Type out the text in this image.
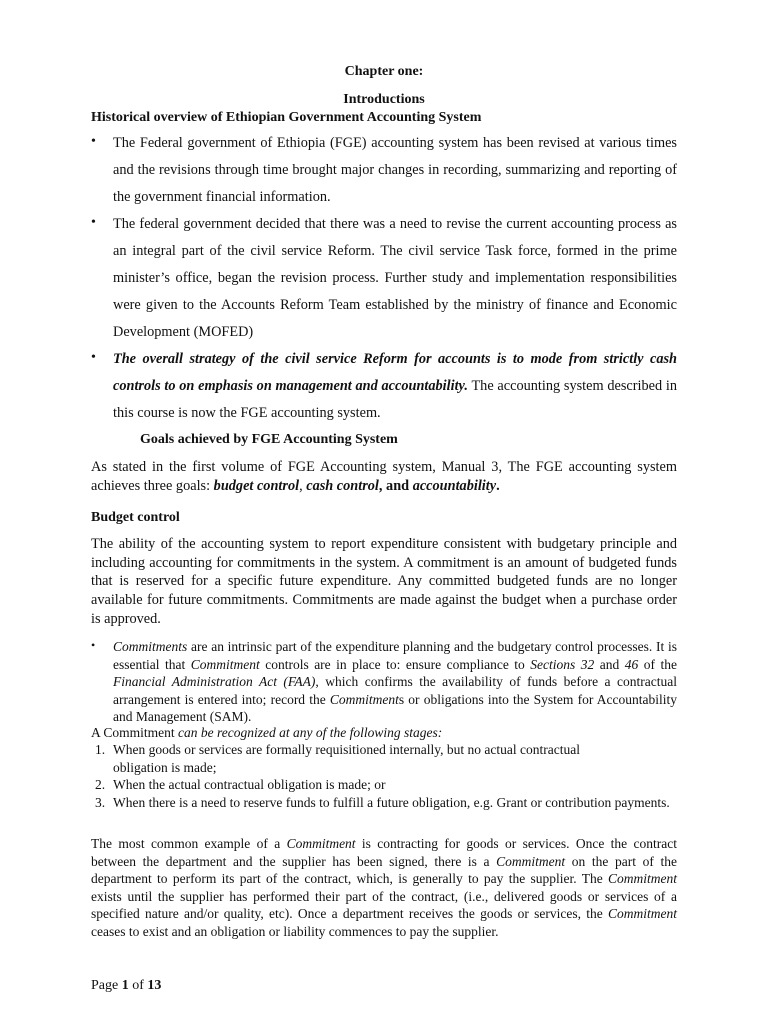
Chapter one:
Introductions
Historical overview of Ethiopian Government Accounting System
• The Federal government of Ethiopia (FGE) accounting system has been revised at various times and the revisions through time brought major changes in recording, summarizing and reporting of the government financial information.
• The federal government decided that there was a need to revise the current accounting process as an integral part of the civil service Reform. The civil service Task force, formed in the prime minister’s office, began the revision process. Further study and implementation responsibilities were given to the Accounts Reform Team established by the ministry of finance and Economic Development (MOFED)
• The overall strategy of the civil service Reform for accounts is to mode from strictly cash controls to on emphasis on management and accountability. The accounting system described in this course is now the FGE accounting system.
Goals achieved by FGE Accounting System
As stated in the first volume of FGE Accounting system, Manual 3, The FGE accounting system achieves three goals: budget control, cash control, and accountability.
Budget control
The ability of the accounting system to report expenditure consistent with budgetary principle and including accounting for commitments in the system. A commitment is an amount of budgeted funds that is reserved for a specific future expenditure. Any committed budgeted funds are no longer available for future commitments. Commitments are made against the budget when a purchase order is approved.
•	Commitments are an intrinsic part of the expenditure planning and the budgetary control processes. It is essential that Commitment controls are in place to: ensure compliance to Sections 32 and 46 of the Financial Administration Act (FAA), which confirms the availability of funds before a contractual arrangement is entered into; record the Commitments or obligations into the System for Accountability and Management (SAM).
A Commitment can be recognized at any of the following stages:
1. When goods or services are formally requisitioned internally, but no actual contractual obligation is made;
2. When the actual contractual obligation is made; or
3. When there is a need to reserve funds to fulfill a future obligation, e.g. Grant or contribution payments.
The most common example of a Commitment is contracting for goods or services. Once the contract between the department and the supplier has been signed, there is a Commitment on the part of the department to perform its part of the contract, which, is generally to pay the supplier. The Commitment exists until the supplier has performed their part of the contract, (i.e., delivered goods or services of a specified nature and/or quality, etc). Once a department receives the goods or services, the Commitment ceases to exist and an obligation or liability commences to pay the supplier.
Page 1 of 13
